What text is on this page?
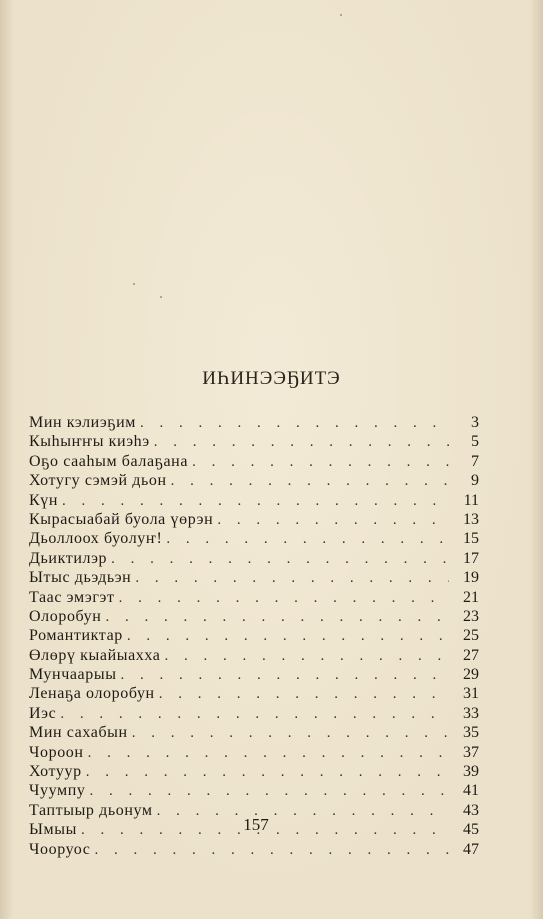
ИҺИНЭЭҔИТЭ
Мин кэлиэҕим . . .	3
Кыһыҥҥы киэһэ . . .	5
Оҕо сааһым балаҕана . . .	7
Хотугу сэмэй дьон . . .	9
Күн . . .	11
Кырасыабай буола үөрэн . . .	13
Дьоллоох буолуҥ! . . .	15
Дьиктилэр . . .	17
Ытыс дьэдьэн . . .	19
Таас эмэгэт . . .	21
Олоробун . . .	23
Романтиктар . . .	25
Өлөрү кыайыахха . . .	27
Мунчаарыы . . .	29
Ленаҕа олоробун . . .	31
Иэс . . .	33
Мин сахабын . . .	35
Чороон . . .	37
Хотуур . . .	39
Чуумпу . . .	41
Таптыыр дьонум . . .	43
Ымыы . . .	45
Чооруос . . .	47
157
